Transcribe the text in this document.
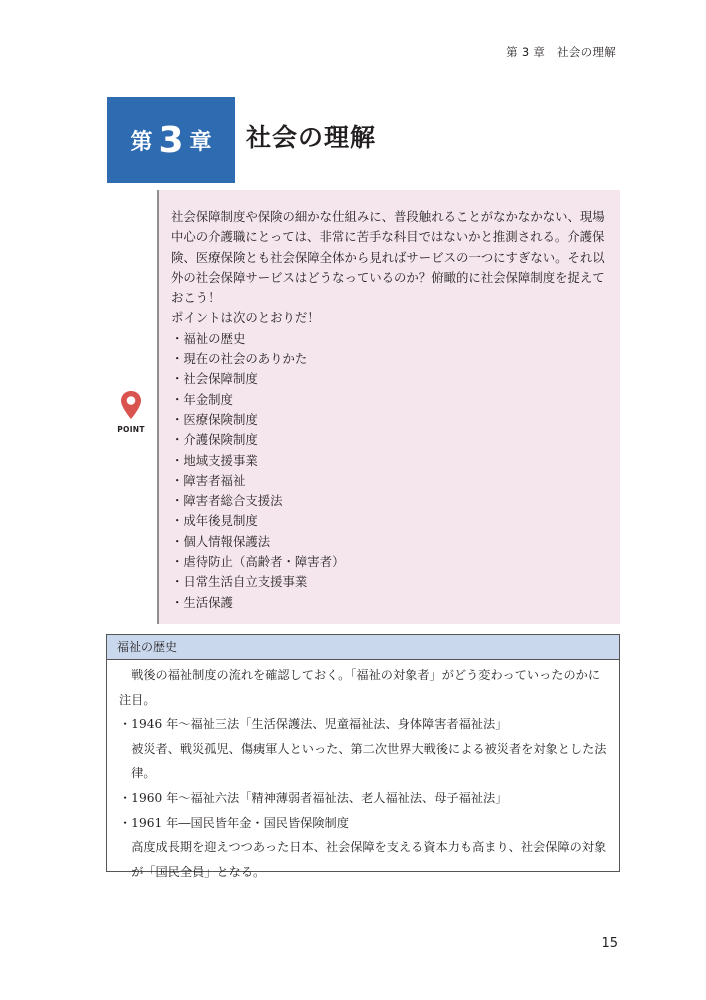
第 3 章　社会の理解
第 3 章 社会の理解
POINT

社会保障制度や保険の細かな仕組みに、普段触れることがなかなかない、現場中心の介護職にとっては、非常に苦手な科目ではないかと推測される。介護保険、医療保険とも社会保障全体から見ればサービスの一つにすぎない。それ以外の社会保障サービスはどうなっているのか？俯瞰的に社会保障制度を捉えておこう！

ポイントは次のとおりだ！

・福祉の歴史
・現在の社会のありかた
・社会保障制度
・年金制度
・医療保険制度
・介護保険制度
・地域支援事業
・障害者福祉
・障害者総合支援法
・成年後見制度
・個人情報保護法
・虐待防止（高齢者・障害者）
・日常生活自立支援事業
・生活保護
福祉の歴史

戦後の福祉制度の流れを確認しておく。「福祉の対象者」がどう変わっていったのかに注目。

・1946 年～福祉三法「生活保護法、児童福祉法、身体障害者福祉法」

被災者、戦災孤児、傷痍軍人といった、第二次世界大戦後による被災者を対象とした法律。

・1960 年～福祉六法「精神薄弱者福祉法、老人福祉法、母子福祉法」

・1961 年―国民皆年金・国民皆保険制度

高度成長期を迎えつつあった日本、社会保障を支える資本力も高まり、社会保障の対象が「国民全員」となる。

15
